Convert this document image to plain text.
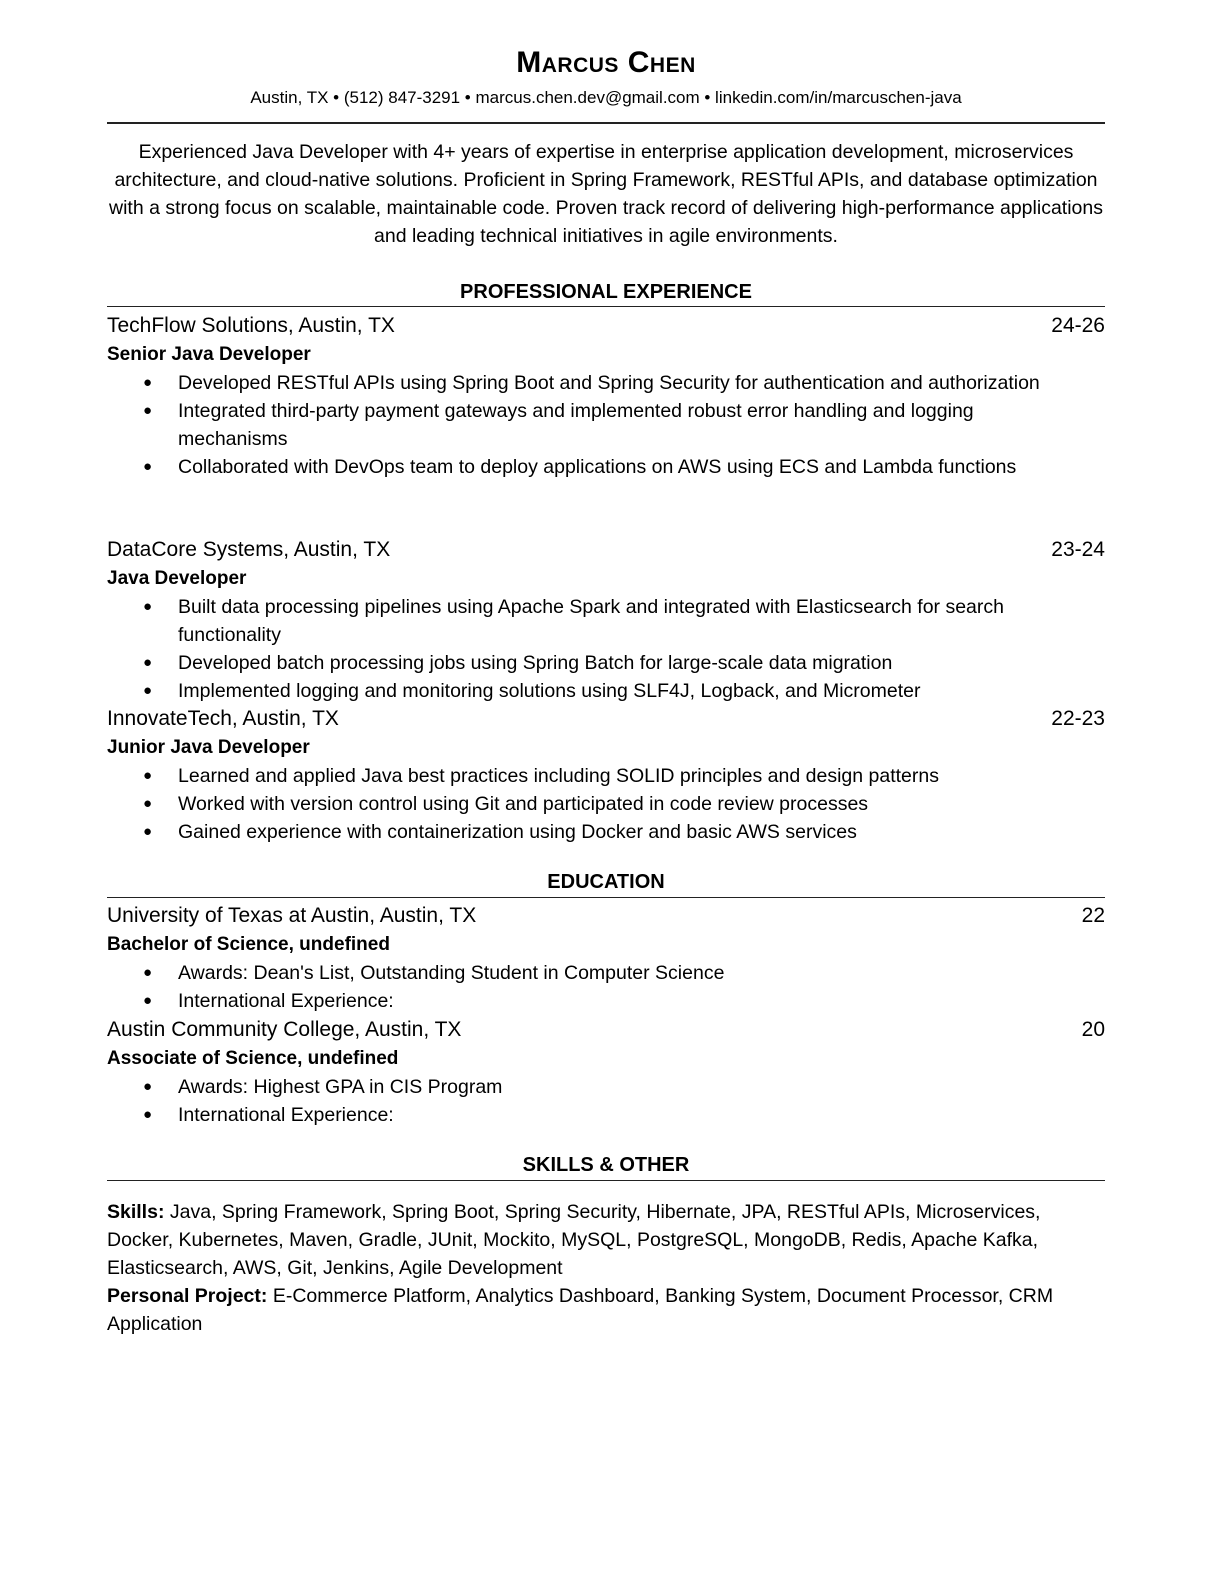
Marcus Chen
Austin, TX • (512) 847-3291 • marcus.chen.dev@gmail.com • linkedin.com/in/marcuschen-java
Experienced Java Developer with 4+ years of expertise in enterprise application development, microservices architecture, and cloud-native solutions. Proficient in Spring Framework, RESTful APIs, and database optimization with a strong focus on scalable, maintainable code. Proven track record of delivering high-performance applications and leading technical initiatives in agile environments.
PROFESSIONAL EXPERIENCE
TechFlow Solutions, Austin, TX	24-26
Senior Java Developer
● Developed RESTful APIs using Spring Boot and Spring Security for authentication and authorization
● Integrated third-party payment gateways and implemented robust error handling and logging mechanisms
● Collaborated with DevOps team to deploy applications on AWS using ECS and Lambda functions
DataCore Systems, Austin, TX	23-24
Java Developer
● Built data processing pipelines using Apache Spark and integrated with Elasticsearch for search functionality
● Developed batch processing jobs using Spring Batch for large-scale data migration
● Implemented logging and monitoring solutions using SLF4J, Logback, and Micrometer
InnovateTech, Austin, TX	22-23
Junior Java Developer
● Learned and applied Java best practices including SOLID principles and design patterns
● Worked with version control using Git and participated in code review processes
● Gained experience with containerization using Docker and basic AWS services
EDUCATION
University of Texas at Austin, Austin, TX	22
Bachelor of Science, undefined
● Awards: Dean's List, Outstanding Student in Computer Science
● International Experience:
Austin Community College, Austin, TX	20
Associate of Science, undefined
● Awards: Highest GPA in CIS Program
● International Experience:
SKILLS & OTHER
Skills: Java, Spring Framework, Spring Boot, Spring Security, Hibernate, JPA, RESTful APIs, Microservices, Docker, Kubernetes, Maven, Gradle, JUnit, Mockito, MySQL, PostgreSQL, MongoDB, Redis, Apache Kafka, Elasticsearch, AWS, Git, Jenkins, Agile Development
Personal Project: E-Commerce Platform, Analytics Dashboard, Banking System, Document Processor, CRM Application
